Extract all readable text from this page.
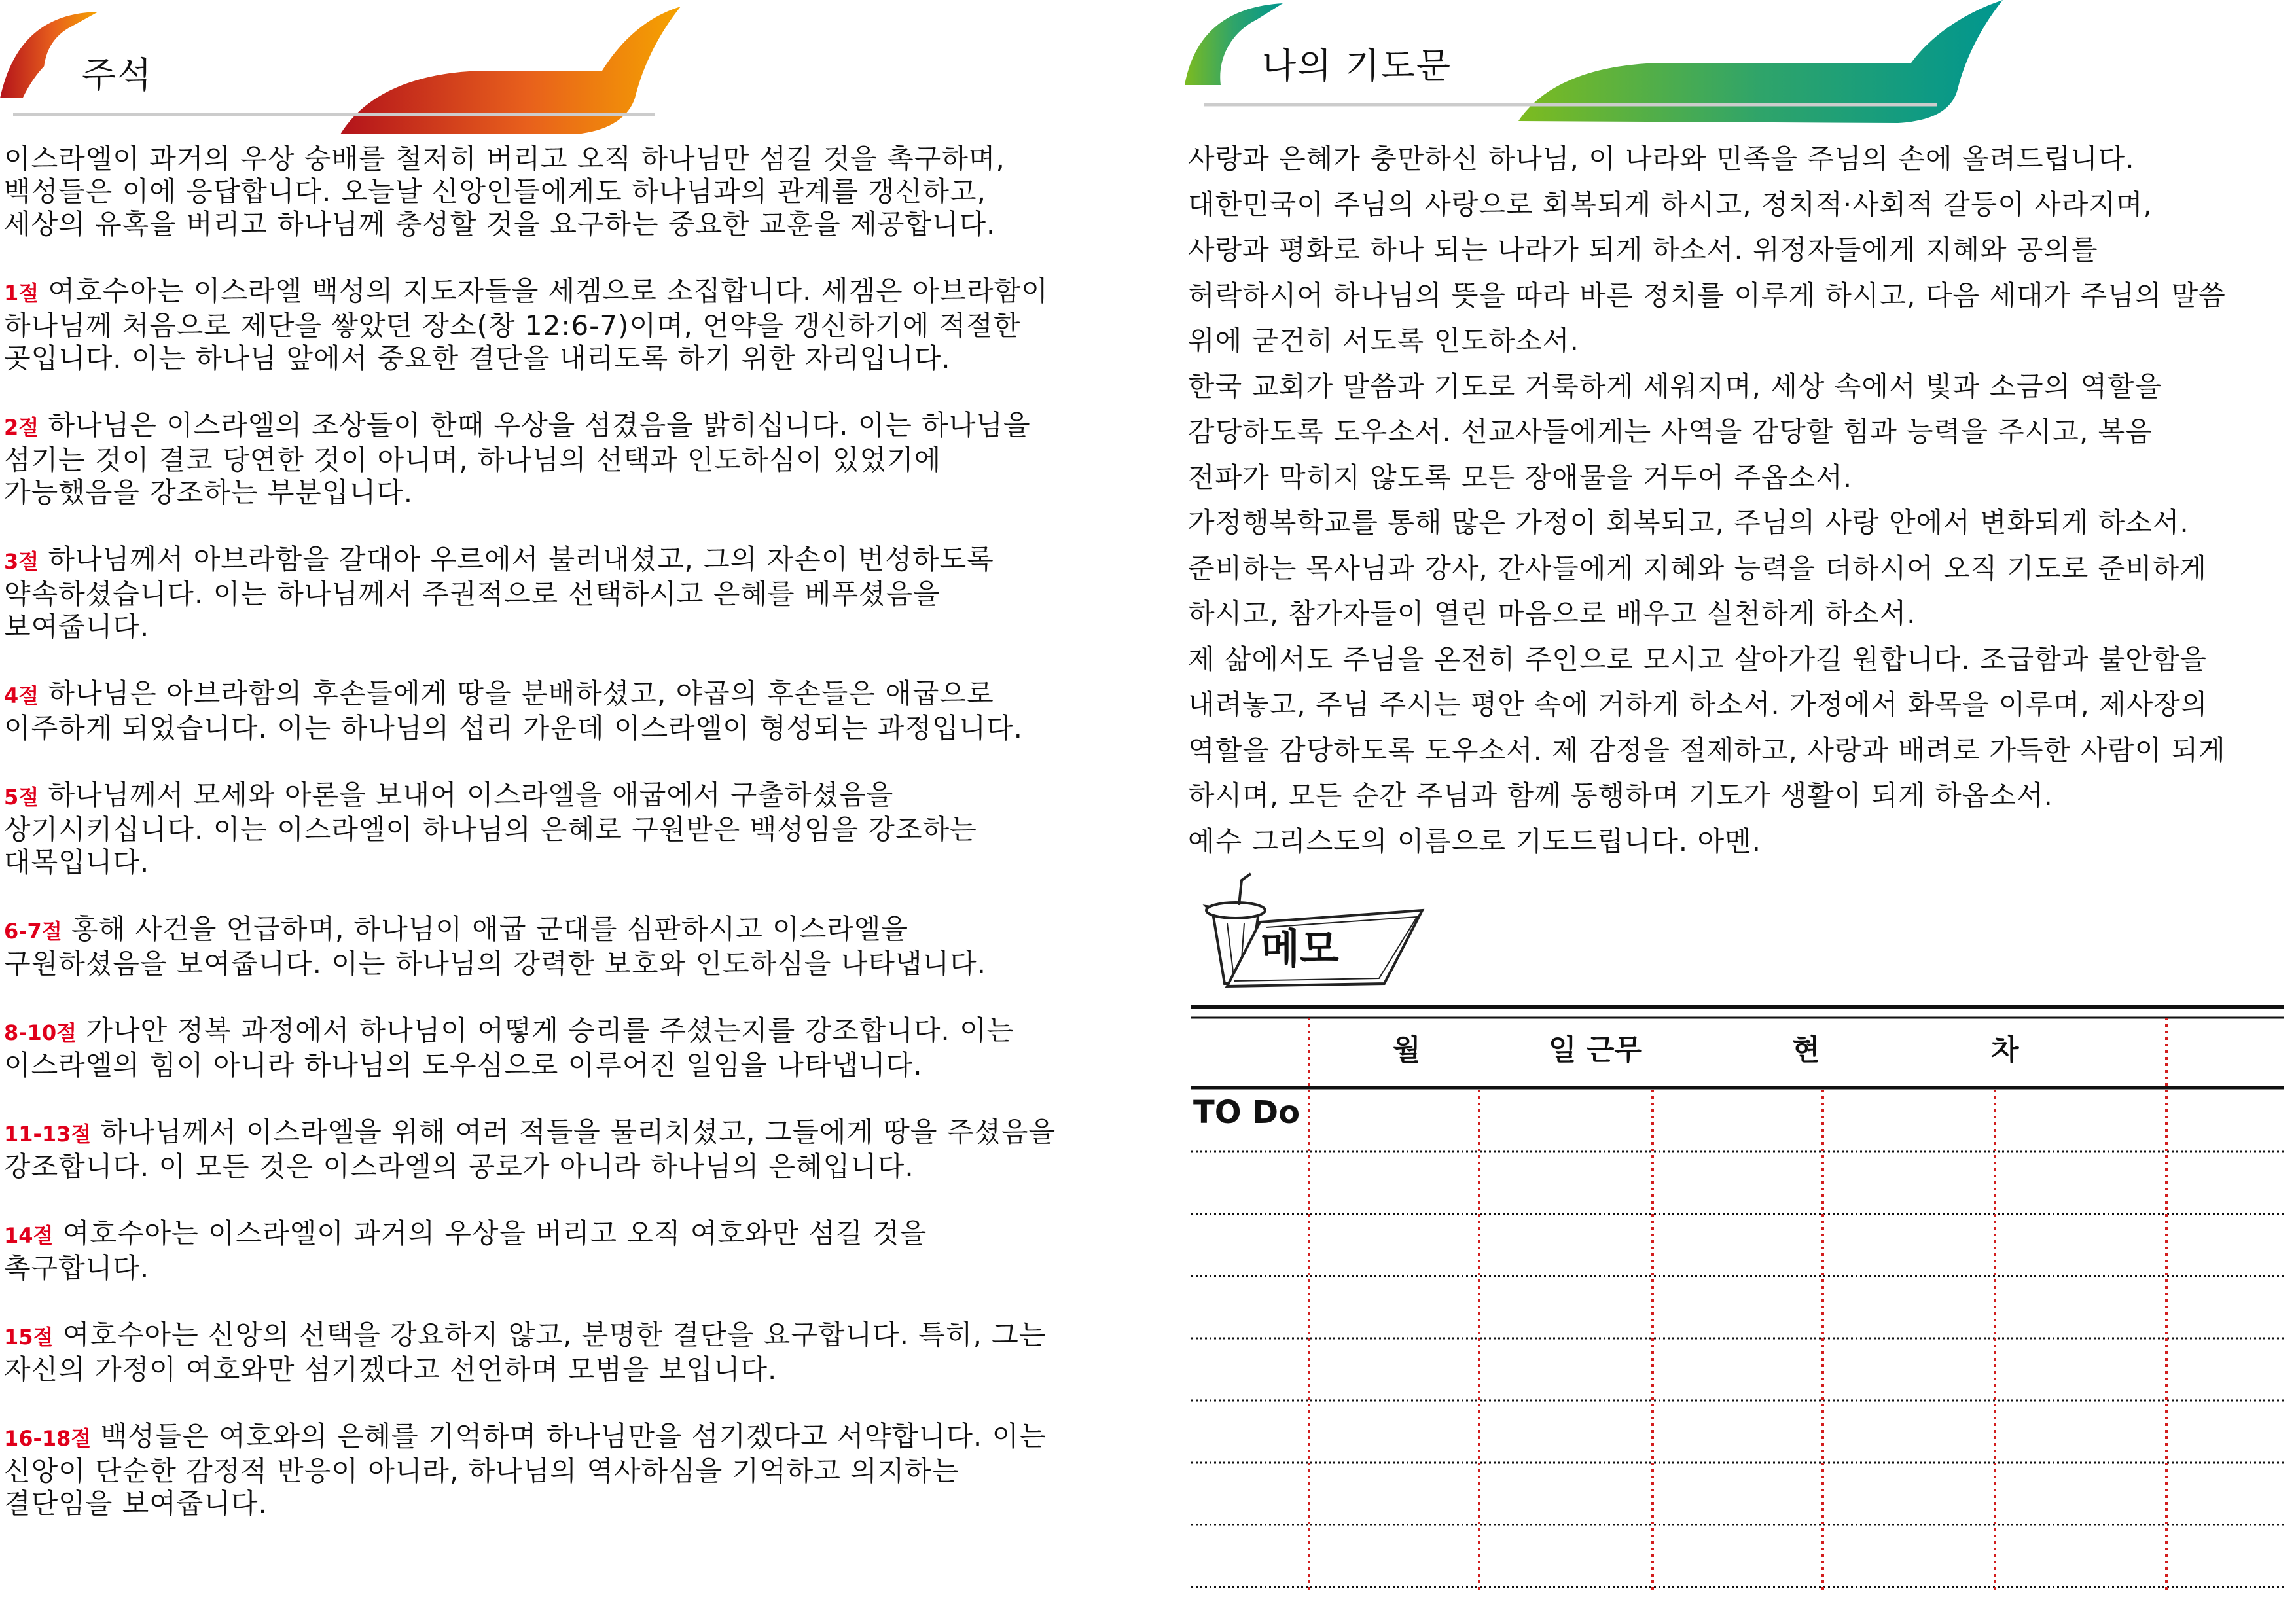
주석

이스라엘이 과거의 우상 숭배를 철저히 버리고 오직 하나님만 섬길 것을 촉구하며,
백성들은 이에 응답합니다. 오늘날 신앙인들에게도 하나님과의 관계를 갱신하고,
세상의 유혹을 버리고 하나님께 충성할 것을 요구하는 중요한 교훈을 제공합니다.

1절 여호수아는 이스라엘 백성의 지도자들을 세겜으로 소집합니다. 세겜은 아브라함이
하나님께 처음으로 제단을 쌓았던 장소(창 12:6-7)이며, 언약을 갱신하기에 적절한
곳입니다. 이는 하나님 앞에서 중요한 결단을 내리도록 하기 위한 자리입니다.

2절 하나님은 이스라엘의 조상들이 한때 우상을 섬겼음을 밝히십니다. 이는 하나님을
섬기는 것이 결코 당연한 것이 아니며, 하나님의 선택과 인도하심이 있었기에
가능했음을 강조하는 부분입니다.

3절 하나님께서 아브라함을 갈대아 우르에서 불러내셨고, 그의 자손이 번성하도록
약속하셨습니다. 이는 하나님께서 주권적으로 선택하시고 은혜를 베푸셨음을
보여줍니다.

4절 하나님은 아브라함의 후손들에게 땅을 분배하셨고, 야곱의 후손들은 애굽으로
이주하게 되었습니다. 이는 하나님의 섭리 가운데 이스라엘이 형성되는 과정입니다.

5절 하나님께서 모세와 아론을 보내어 이스라엘을 애굽에서 구출하셨음을
상기시키십니다. 이는 이스라엘이 하나님의 은혜로 구원받은 백성임을 강조하는
대목입니다.

6-7절 홍해 사건을 언급하며, 하나님이 애굽 군대를 심판하시고 이스라엘을
구원하셨음을 보여줍니다. 이는 하나님의 강력한 보호와 인도하심을 나타냅니다.

8-10절 가나안 정복 과정에서 하나님이 어떻게 승리를 주셨는지를 강조합니다. 이는
이스라엘의 힘이 아니라 하나님의 도우심으로 이루어진 일임을 나타냅니다.

11-13절 하나님께서 이스라엘을 위해 여러 적들을 물리치셨고, 그들에게 땅을 주셨음을
강조합니다. 이 모든 것은 이스라엘의 공로가 아니라 하나님의 은혜입니다.

14절 여호수아는 이스라엘이 과거의 우상을 버리고 오직 여호와만 섬길 것을
촉구합니다.

15절 여호수아는 신앙의 선택을 강요하지 않고, 분명한 결단을 요구합니다. 특히, 그는
자신의 가정이 여호와만 섬기겠다고 선언하며 모범을 보입니다.

16-18절 백성들은 여호와의 은혜를 기억하며 하나님만을 섬기겠다고 서약합니다. 이는
신앙이 단순한 감정적 반응이 아니라, 하나님의 역사하심을 기억하고 의지하는
결단임을 보여줍니다.

나의 기도문
사랑과 은혜가 충만하신 하나님, 이 나라와 민족을 주님의 손에 올려드립니다.
대한민국이 주님의 사랑으로 회복되게 하시고, 정치적·사회적 갈등이 사라지며,
사랑과 평화로 하나 되는 나라가 되게 하소서. 위정자들에게 지혜와 공의를
허락하시어 하나님의 뜻을 따라 바른 정치를 이루게 하시고, 다음 세대가 주님의 말씀
위에 굳건히 서도록 인도하소서.
한국 교회가 말씀과 기도로 거룩하게 세워지며, 세상 속에서 빛과 소금의 역할을
감당하도록 도우소서. 선교사들에게는 사역을 감당할 힘과 능력을 주시고, 복음
전파가 막히지 않도록 모든 장애물을 거두어 주옵소서.
가정행복학교를 통해 많은 가정이 회복되고, 주님의 사랑 안에서 변화되게 하소서.
준비하는 목사님과 강사, 간사들에게 지혜와 능력을 더하시어 오직 기도로 준비하게
하시고, 참가자들이 열린 마음으로 배우고 실천하게 하소서.
제 삶에서도 주님을 온전히 주인으로 모시고 살아가길 원합니다. 조급함과 불안함을
내려놓고, 주님 주시는 평안 속에 거하게 하소서. 가정에서 화목을 이루며, 제사장의
역할을 감당하도록 도우소서. 제 감정을 절제하고, 사랑과 배려로 가득한 사람이 되게
하시며, 모든 순간 주님과 함께 동행하며 기도가 생활이 되게 하옵소서.
예수 그리스도의 이름으로 기도드립니다. 아멘.
메모
월	일 근무	현	차
TO Do
